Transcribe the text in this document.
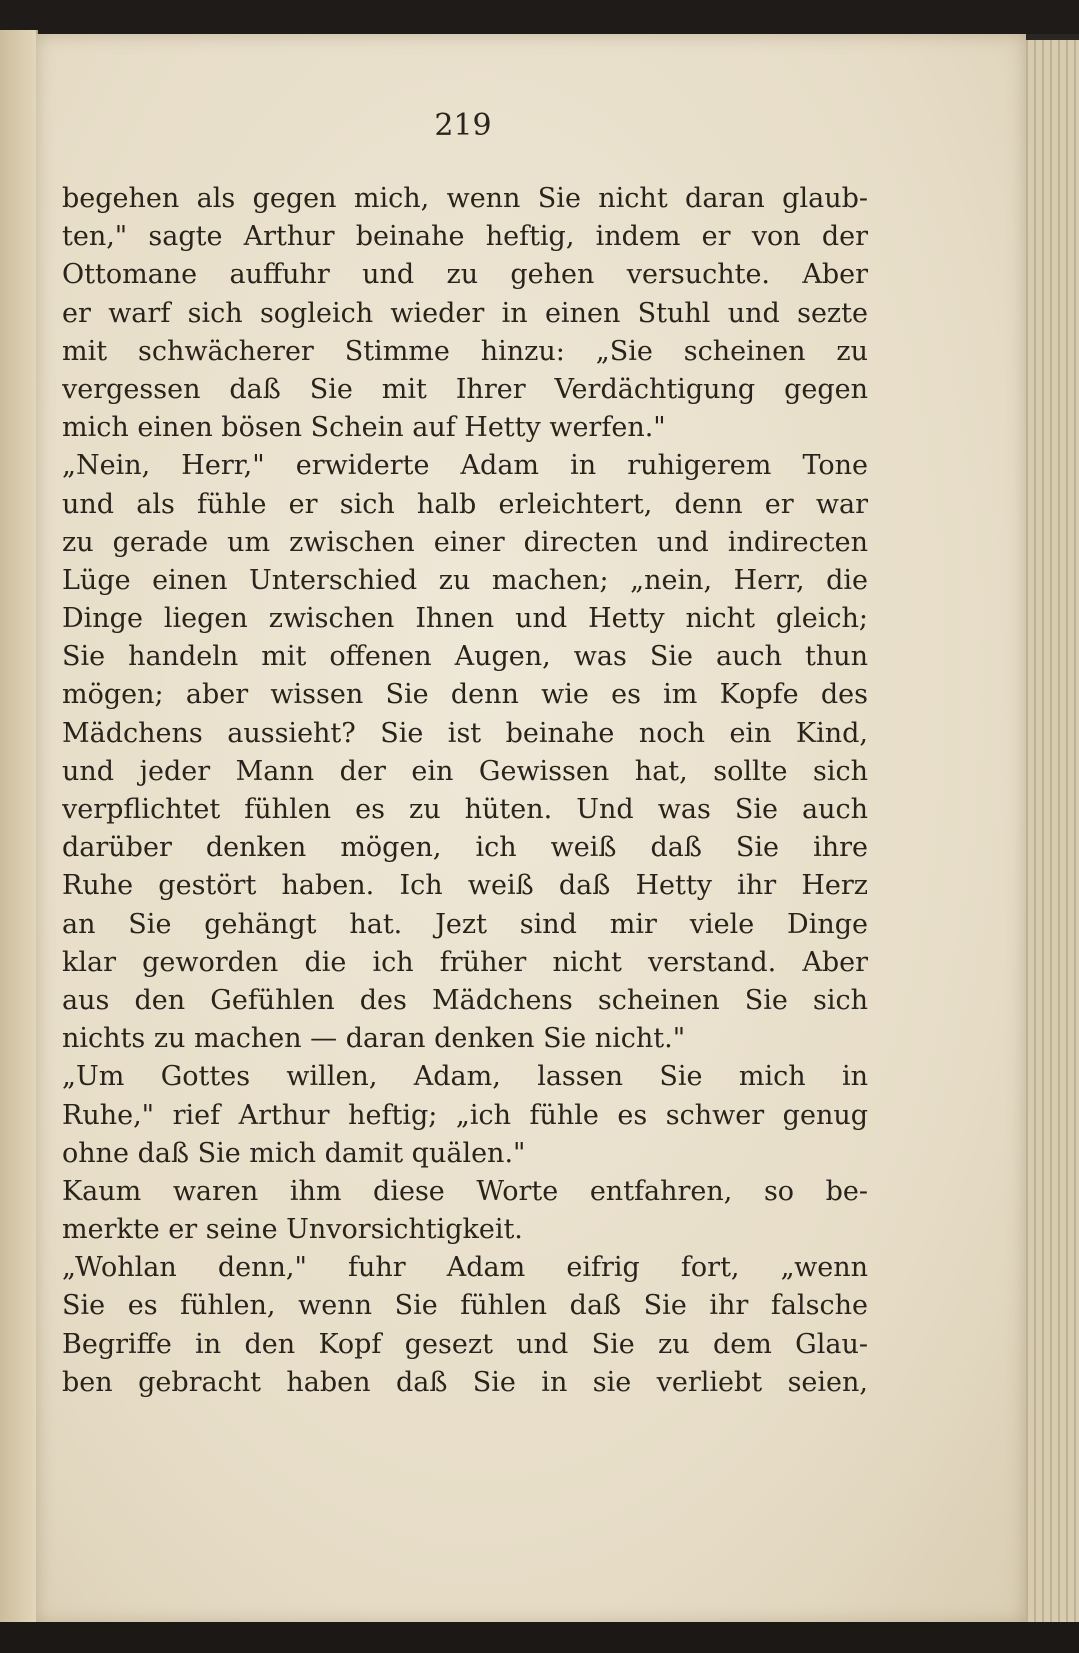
219
begehen als gegen mich, wenn Sie nicht daran glaub-
ten," sagte Arthur beinahe heftig, indem er von der
Ottomane auffuhr und zu gehen versuchte. Aber
er warf sich sogleich wieder in einen Stuhl und sezte
mit schwächerer Stimme hinzu: „Sie scheinen zu
vergessen daß Sie mit Ihrer Verdächtigung gegen
mich einen bösen Schein auf Hetty werfen."
„Nein, Herr," erwiderte Adam in ruhigerem Tone
und als fühle er sich halb erleichtert, denn er war
zu gerade um zwischen einer directen und indirecten
Lüge einen Unterschied zu machen; „nein, Herr, die
Dinge liegen zwischen Ihnen und Hetty nicht gleich;
Sie handeln mit offenen Augen, was Sie auch thun
mögen; aber wissen Sie denn wie es im Kopfe des
Mädchens aussieht? Sie ist beinahe noch ein Kind,
und jeder Mann der ein Gewissen hat, sollte sich
verpflichtet fühlen es zu hüten. Und was Sie auch
darüber denken mögen, ich weiß daß Sie ihre
Ruhe gestört haben. Ich weiß daß Hetty ihr Herz
an Sie gehängt hat. Jezt sind mir viele Dinge
klar geworden die ich früher nicht verstand. Aber
aus den Gefühlen des Mädchens scheinen Sie sich
nichts zu machen — daran denken Sie nicht."
„Um Gottes willen, Adam, lassen Sie mich in
Ruhe," rief Arthur heftig; „ich fühle es schwer genug
ohne daß Sie mich damit quälen."
Kaum waren ihm diese Worte entfahren, so be-
merkte er seine Unvorsichtigkeit.
„Wohlan denn," fuhr Adam eifrig fort, „wenn
Sie es fühlen, wenn Sie fühlen daß Sie ihr falsche
Begriffe in den Kopf gesezt und Sie zu dem Glau-
ben gebracht haben daß Sie in sie verliebt seien,
